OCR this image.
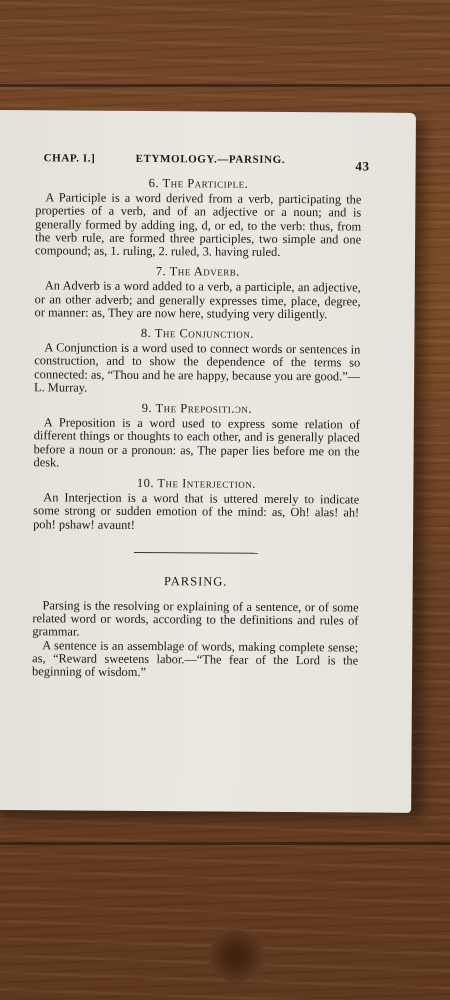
CHAP. I.]	ETYMOLOGY.—PARSING.	43
6. The Participle.

A Participle is a word derived from a verb, participating the properties of a verb, and of an adjective or a noun; and is generally formed by adding ing, d, or ed, to the verb: thus, from the verb rule, are formed three participles, two simple and one compound; as, 1. ruling, 2. ruled, 3. having ruled.

7. The Adverb.

An Adverb is a word added to a verb, a participle, an adjective, or an other adverb; and generally expresses time, place, degree, or manner: as, They are now here, studying very diligently.

8. The Conjunction.

A Conjunction is a word used to connect words or sentences in construction, and to show the dependence of the terms so connected: as, “Thou and he are happy, because you are good.”—L. Murray.

9. The Prepositi.ɔn.

A Preposition is a word used to express some relation of different things or thoughts to each other, and is generally placed before a noun or a pronoun: as, The paper lies before me on the desk.

10. The Interjection.

An Interjection is a word that is uttered merely to indicate some strong or sudden emotion of the mind: as, Oh! alas! ah! poh! pshaw! avaunt!

PARSING.

Parsing is the resolving or explaining of a sentence, or of some related word or words, according to the definitions and rules of grammar.

A sentence is an assemblage of words, making complete sense; as, “Reward sweetens labor.—“The fear of the Lord is the beginning of wisdom.”
